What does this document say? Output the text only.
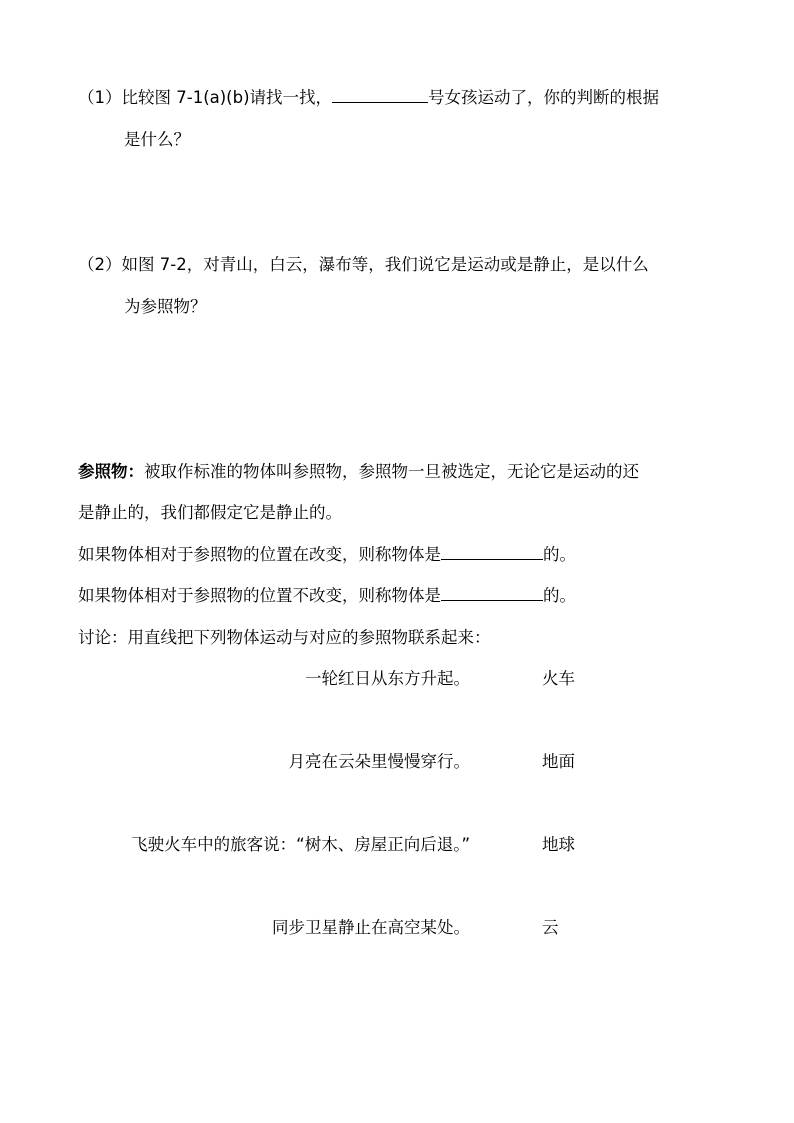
（1）比较图 7-1(a)(b)请找一找，	号女孩运动了，你的判断的根据
是什么？
（2）如图 7-2，对青山，白云，瀑布等，我们说它是运动或是静止，是以什么
为参照物？
参照物：被取作标准的物体叫参照物，参照物一旦被选定，无论它是运动的还
是静止的，我们都假定它是静止的。
如果物体相对于参照物的位置在改变，则称物体是	的。
如果物体相对于参照物的位置不改变，则称物体是	的。
讨论：用直线把下列物体运动与对应的参照物联系起来：
一轮红日从东方升起。	火车
月亮在云朵里慢慢穿行。	地面
飞驶火车中的旅客说：“树木、房屋正向后退。”	地球
同步卫星静止在高空某处。	云
